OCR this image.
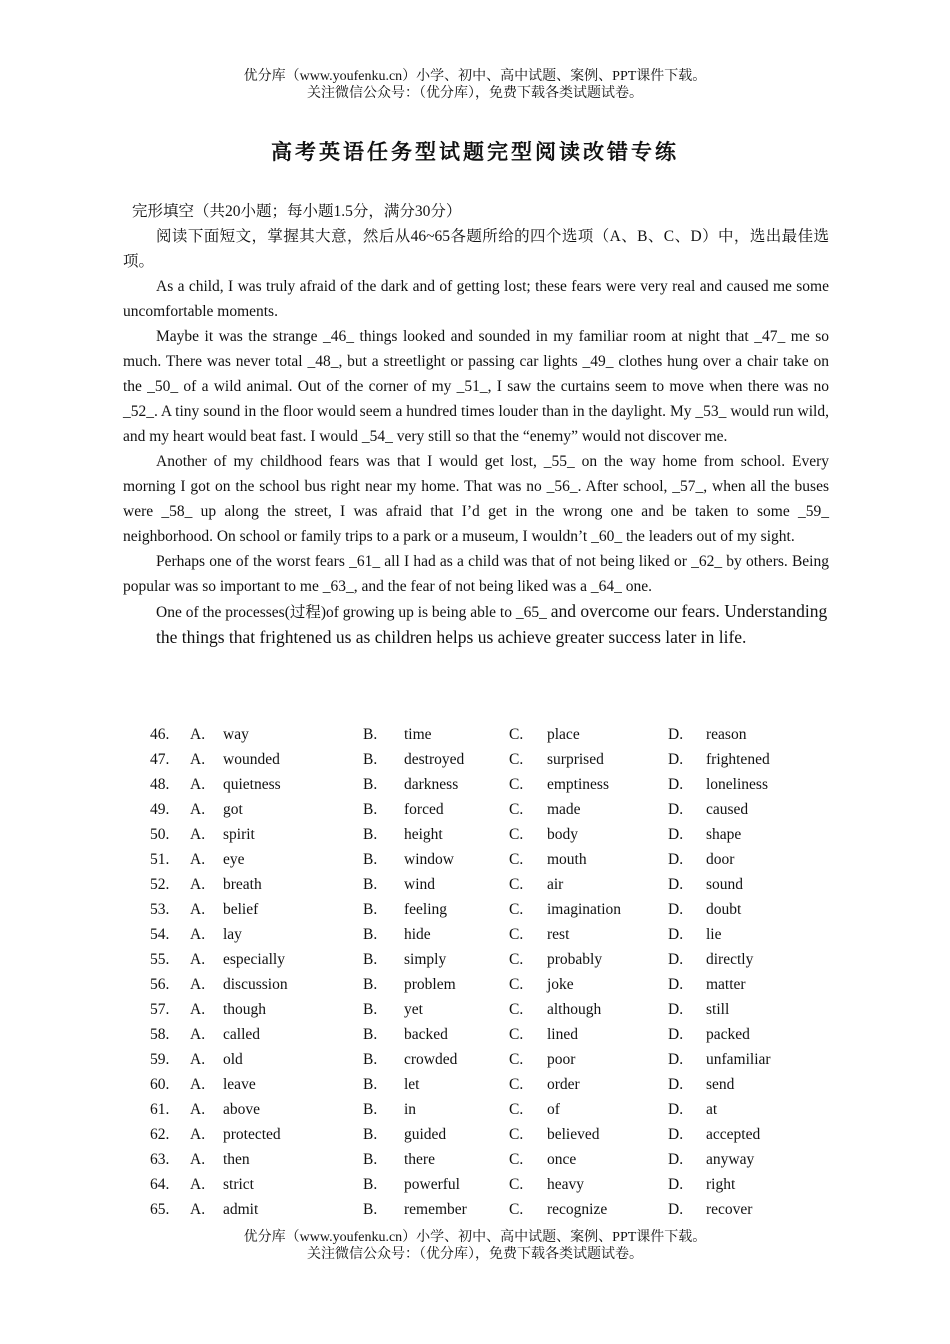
优分库（www.youfenku.cn）小学、初中、高中试题、案例、PPT课件下载。
关注微信公众号：（优分库），免费下载各类试题试卷。
高考英语任务型试题完型阅读改错专练

完形填空（共20小题；每小题1.5分，满分30分）

阅读下面短文，掌握其大意，然后从46~65各题所给的四个选项（A、B、C、D）中，选出最佳选项。

As a child, I was truly afraid of the dark and of getting lost; these fears were very real and caused me some uncomfortable moments.

Maybe it was the strange _46_ things looked and sounded in my familiar room at night that _47_ me so much. There was never total _48_, but a streetlight or passing car lights _49_ clothes hung over a chair take on the _50_ of a wild animal. Out of the corner of my _51_, I saw the curtains seem to move when there was no _52_. A tiny sound in the floor would seem a hundred times louder than in the daylight. My _53_ would run wild, and my heart would beat fast. I would _54_ very still so that the “enemy” would not discover me.

Another of my childhood fears was that I would get lost, _55_ on the way home from school. Every morning I got on the school bus right near my home. That was no _56_. After school, _57_, when all the buses were _58_ up along the street, I was afraid that I’d get in the wrong one and be taken to some _59_ neighborhood. On school or family trips to a park or a museum, I wouldn’t _60_ the leaders out of my sight.

Perhaps one of the worst fears _61_ all I had as a child was that of not being liked or _62_ by others. Being popular was so important to me _63_, and the fear of not being liked was a _64_ one.

One of the processes(过程)of growing up is being able to _65_ and overcome our fears. Understanding the things that frightened us as children helps us achieve greater success later in life.

46. A. way	B. time	C. place	D. reason
47. A. wounded	B. destroyed	C. surprised	D. frightened
48. A. quietness	B. darkness	C. emptiness	D. loneliness
49. A. got	B. forced	C. made	D. caused
50. A. spirit	B. height	C. body	D. shape
51. A. eye	B. window	C. mouth	D. door
52. A. breath	B. wind	C. air	D. sound
53. A. belief	B. feeling	C. imagination	D. doubt
54. A. lay	B. hide	C. rest	D. lie
55. A. especially	B. simply	C. probably	D. directly
56. A. discussion	B. problem	C. joke	D. matter
57. A. though	B. yet	C. although	D. still
58. A. called	B. backed	C. lined	D. packed
59. A. old	B. crowded	C. poor	D. unfamiliar
60. A. leave	B. let	C. order	D. send
61. A. above	B. in	C. of	D. at
62. A. protected	B. guided	C. believed	D. accepted
63. A. then	B. there	C. once	D. anyway
64. A. strict	B. powerful	C. heavy	D. right
65. A. admit	B. remember	C. recognize	D. recover
优分库（www.youfenku.cn）小学、初中、高中试题、案例、PPT课件下载。
关注微信公众号：（优分库），免费下载各类试题试卷。
